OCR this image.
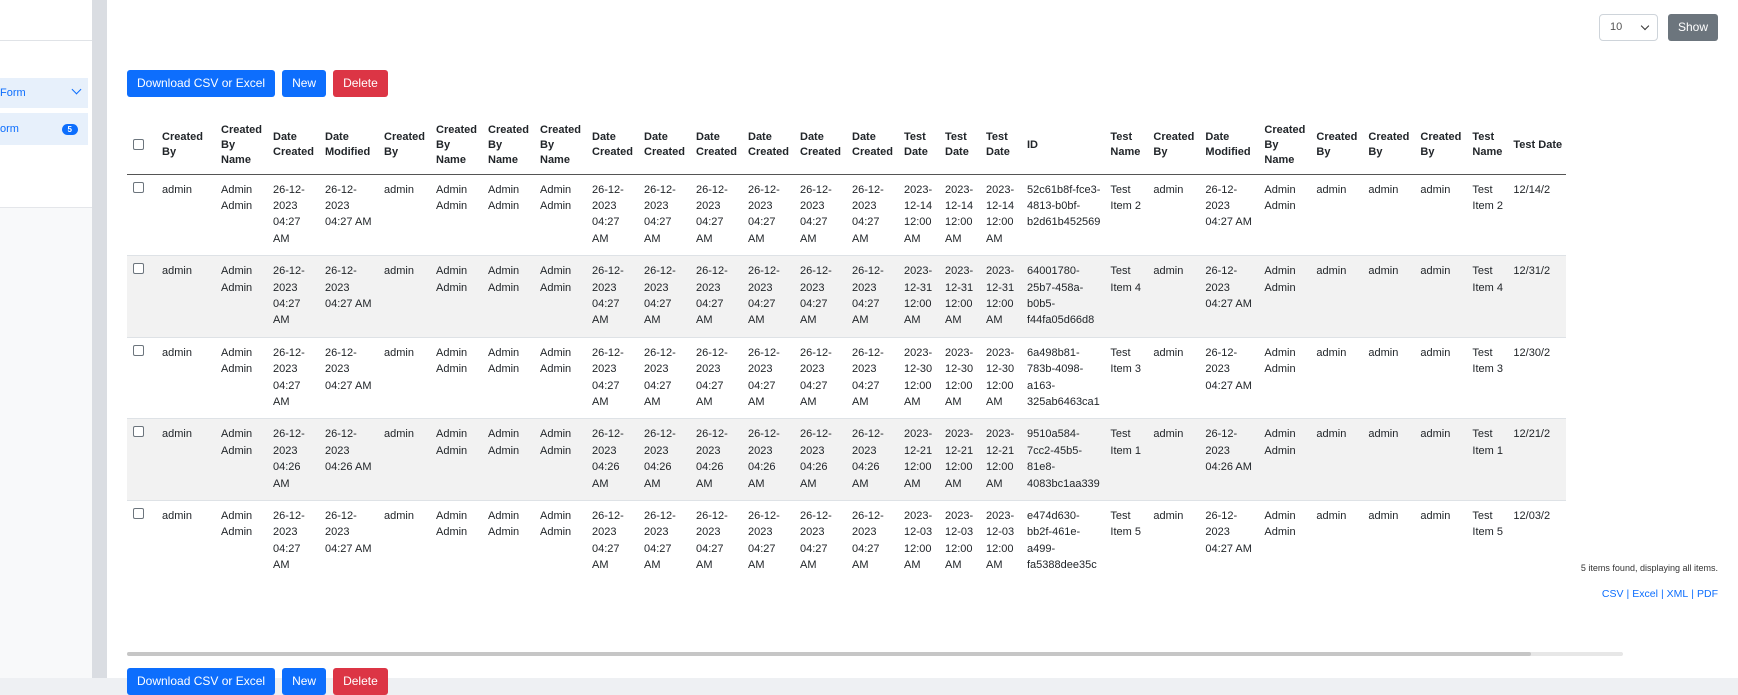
Form
orm	5
10	Show
Download CSV or Excel	New	Delete
	Created By	Created By Name	Date Created	Date Modified	Created By	Created By Name	Created By Name	Created By Name	Date Created	Date Created	Date Created	Date Created	Date Created	Date Created	Test Date	Test Date	Test Date	ID	Test Name	Created By	Date Modified	Created By Name	Created By	Created By	Created By	Test Name	Test Date
	admin	Admin Admin	26-12-2023 04:27 AM	26-12-2023 04:27 AM	admin	Admin Admin	Admin Admin	Admin Admin	26-12-2023 04:27 AM	26-12-2023 04:27 AM	26-12-2023 04:27 AM	26-12-2023 04:27 AM	26-12-2023 04:27 AM	26-12-2023 04:27 AM	2023-12-14 12:00 AM	2023-12-14 12:00 AM	2023-12-14 12:00 AM	52c61b8f-fce3-4813-b0bf-b2d61b452569	Test Item 2	admin	26-12-2023 04:27 AM	Admin Admin	admin	admin	admin	Test Item 2	12/14/2
	admin	Admin Admin	26-12-2023 04:27 AM	26-12-2023 04:27 AM	admin	Admin Admin	Admin Admin	Admin Admin	26-12-2023 04:27 AM	26-12-2023 04:27 AM	26-12-2023 04:27 AM	26-12-2023 04:27 AM	26-12-2023 04:27 AM	26-12-2023 04:27 AM	2023-12-31 12:00 AM	2023-12-31 12:00 AM	2023-12-31 12:00 AM	64001780-25b7-458a-b0b5-f44fa05d66d8	Test Item 4	admin	26-12-2023 04:27 AM	Admin Admin	admin	admin	admin	Test Item 4	12/31/2
	admin	Admin Admin	26-12-2023 04:27 AM	26-12-2023 04:27 AM	admin	Admin Admin	Admin Admin	Admin Admin	26-12-2023 04:27 AM	26-12-2023 04:27 AM	26-12-2023 04:27 AM	26-12-2023 04:27 AM	26-12-2023 04:27 AM	26-12-2023 04:27 AM	2023-12-30 12:00 AM	2023-12-30 12:00 AM	2023-12-30 12:00 AM	6a498b81-783b-4098-a163-325ab6463ca1	Test Item 3	admin	26-12-2023 04:27 AM	Admin Admin	admin	admin	admin	Test Item 3	12/30/2
	admin	Admin Admin	26-12-2023 04:26 AM	26-12-2023 04:26 AM	admin	Admin Admin	Admin Admin	Admin Admin	26-12-2023 04:26 AM	26-12-2023 04:26 AM	26-12-2023 04:26 AM	26-12-2023 04:26 AM	26-12-2023 04:26 AM	26-12-2023 04:26 AM	2023-12-21 12:00 AM	2023-12-21 12:00 AM	2023-12-21 12:00 AM	9510a584-7cc2-45b5-81e8-4083bc1aa339	Test Item 1	admin	26-12-2023 04:26 AM	Admin Admin	admin	admin	admin	Test Item 1	12/21/2
	admin	Admin Admin	26-12-2023 04:27 AM	26-12-2023 04:27 AM	admin	Admin Admin	Admin Admin	Admin Admin	26-12-2023 04:27 AM	26-12-2023 04:27 AM	26-12-2023 04:27 AM	26-12-2023 04:27 AM	26-12-2023 04:27 AM	26-12-2023 04:27 AM	2023-12-03 12:00 AM	2023-12-03 12:00 AM	2023-12-03 12:00 AM	e474d630-bb2f-461e-a499-fa5388dee35c	Test Item 5	admin	26-12-2023 04:27 AM	Admin Admin	admin	admin	admin	Test Item 5	12/03/2
5 items found, displaying all items.
CSV | Excel | XML | PDF
Download CSV or Excel	New	Delete
